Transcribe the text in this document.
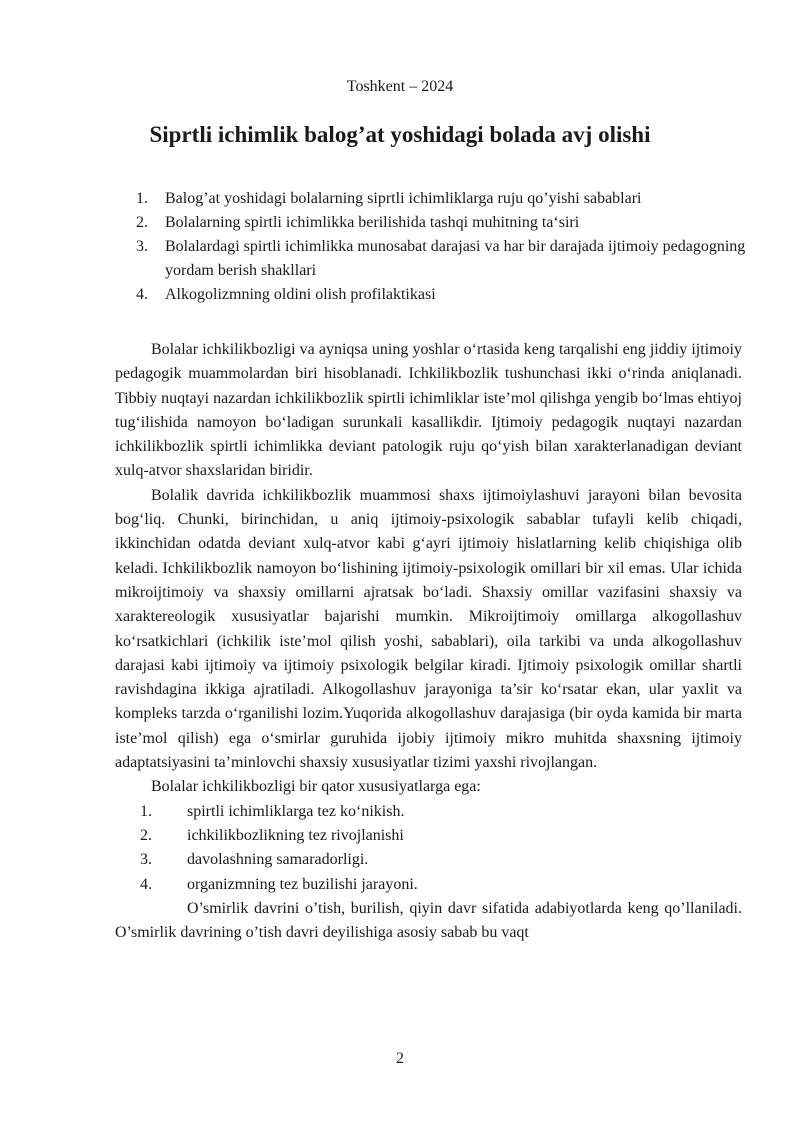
Toshkent – 2024
Siprtli ichimlik balog’at yoshidagi bolada avj olishi
1. Balog’at yoshidagi bolalarning siprtli ichimliklarga ruju qo’yishi sabablari
2. Bolalarning spirtli ichimlikka berilishida tashqi muhitning ta‘siri
3. Bolalardagi spirtli ichimlikka munosabat darajasi va har bir darajada ijtimoiy pedagogning yordam berish shakllari
4. Alkogolizmning oldini olish profilaktikasi

Bolalar ichkilikbozligi va ayniqsa uning yoshlar o‘rtasida keng tarqalishi eng jiddiy ijtimoiy pedagogik muammolardan biri hisoblanadi. Ichkilikbozlik tushunchasi ikki o‘rinda aniqlanadi. Tibbiy nuqtayi nazardan ichkilikbozlik spirtli ichimliklar iste’mol qilishga yengib bo‘lmas ehtiyoj tug‘ilishida namoyon bo‘ladigan surunkali kasallikdir. Ijtimoiy pedagogik nuqtayi nazardan ichkilikbozlik spirtli ichimlikka deviant patologik ruju qo‘yish bilan xarakterlanadigan deviant xulq-atvor shaxslaridan biridir.

Bolalik davrida ichkilikbozlik muammosi shaxs ijtimoiylashuvi jarayoni bilan bevosita bog‘liq. Chunki, birinchidan, u aniq ijtimoiy-psixologik sabablar tufayli kelib chiqadi, ikkinchidan odatda deviant xulq-atvor kabi g‘ayri ijtimoiy hislatlarning kelib chiqishiga olib keladi. Ichkilikbozlik namoyon bo‘lishining ijtimoiy-psixologik omillari bir xil emas. Ular ichida mikroijtimoiy va shaxsiy omillarni ajratsak bo‘ladi. Shaxsiy omillar vazifasini shaxsiy va xaraktereologik xususiyatlar bajarishi mumkin. Mikroijtimoiy omillarga alkogollashuv ko‘rsatkichlari (ichkilik iste’mol qilish yoshi, sabablari), oila tarkibi va unda alkogollashuv darajasi kabi ijtimoiy va ijtimoiy psixologik belgilar kiradi. Ijtimoiy psixologik omillar shartli ravishdagina ikkiga ajratiladi. Alkogollashuv jarayoniga ta’sir ko‘rsatar ekan, ular yaxlit va kompleks tarzda o‘rganilishi lozim.Yuqorida alkogollashuv darajasiga (bir oyda kamida bir marta iste’mol qilish) ega o‘smirlar guruhida ijobiy ijtimoiy mikro muhitda shaxsning ijtimoiy adaptatsiyasini ta’minlovchi shaxsiy xususiyatlar tizimi yaxshi rivojlangan.

Bolalar ichkilikbozligi bir qator xususiyatlarga ega:
1. spirtli ichimliklarga tez ko‘nikish.
2. ichkilikbozlikning tez rivojlanishi
3. davolashning samaradorligi.
4. organizmning tez buzilishi jarayoni.

O’smirlik davrini o’tish, burilish, qiyin davr sifatida adabiyotlarda keng qo’llaniladi. O’smirlik davrining o’tish davri deyilishiga asosiy sabab bu vaqt

2
